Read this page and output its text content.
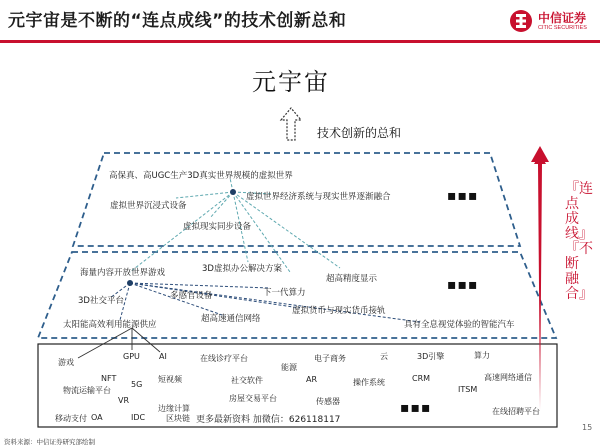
元宇宙是不断的“连点成线”的技术创新总和	中信证券
CITIC SECURITIES
元宇宙
技术创新的总和
『连点成线』『不断融合』
高保真、高UGC生产3D真实世界规模的虚拟世界
虚拟世界经济系统与现实世界逐渐融合
虚拟世界沉浸式设备
虚拟现实同步设备
▪▪▪
海量内容开放世界游戏	3D虚拟办公解决方案
超高精度显示
3D社交平台	多感官设备	下一代算力
超高速通信网络
虚拟货币与现实货币接轨
太阳能高效利用能源供应	具有全息视觉体验的智能汽车
▪▪▪
游戏
GPU AI	在线诊疗平台
能源
电子商务	云	3D引擎	算力
物流运输平台
NFT
5G
短视频	社交软件	AR	操作系统	CRM
ITSM
高速网络通信
VR	房屋交易平台	传感器
移动支付 OA	IDC
边缘计算
区块链
在线招聘平台
更多最新资料 加微信：626118117
▪▪▪
资料来源：中信证券研究部绘制
15
